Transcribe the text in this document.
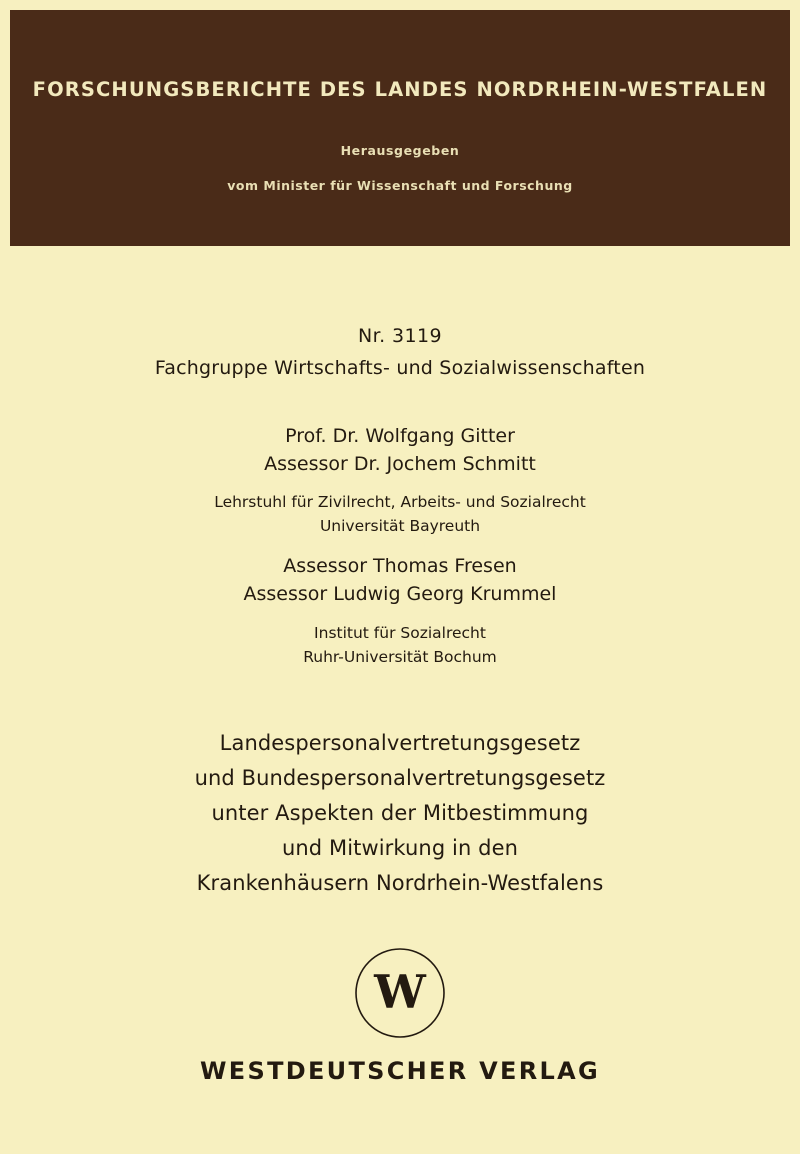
FORSCHUNGSBERICHTE DES LANDES NORDRHEIN-WESTFALEN
Herausgegeben
vom Minister für Wissenschaft und Forschung
Nr. 3119
Fachgruppe Wirtschafts- und Sozialwissenschaften
Prof. Dr. Wolfgang Gitter
Assessor Dr. Jochem Schmitt
Lehrstuhl für Zivilrecht, Arbeits- und Sozialrecht
Universität Bayreuth
Assessor Thomas Fresen
Assessor Ludwig Georg Krummel
Institut für Sozialrecht
Ruhr-Universität Bochum
Landespersonalvertretungsgesetz
und Bundespersonalvertretungsgesetz
unter Aspekten der Mitbestimmung
und Mitwirkung in den
Krankenhäusern Nordrhein-Westfalens
W
WESTDEUTSCHER VERLAG
